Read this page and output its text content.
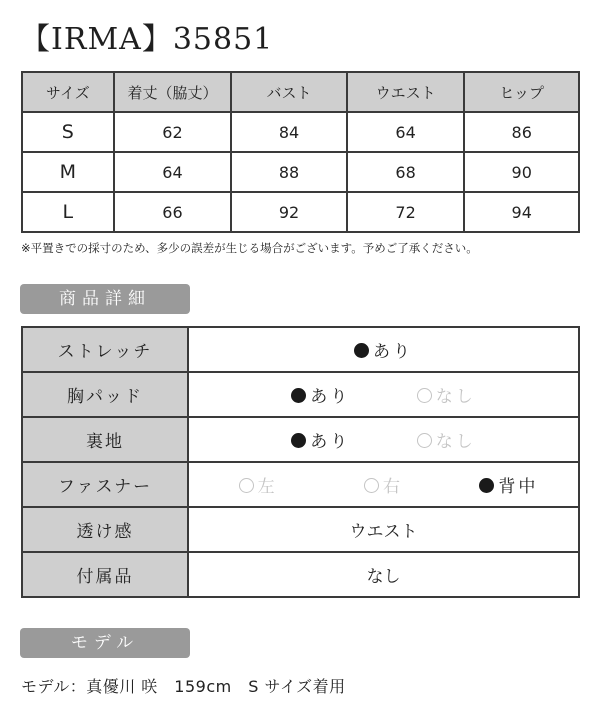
【IRMA】35851
サイズ	着丈（脇丈）	バスト	ウエスト	ヒップ
S	62	84	64	86
M	64	88	68	90
L	66	92	72	94
※平置きでの採寸のため、多少の誤差が生じる場合がございます。予めご了承ください。
商品詳細
ストレッチ	あり
胸パッド	あり なし
裏地	あり なし
ファスナー	左 右 背中
透け感	ウエスト
付属品	なし
モデル
モデル：真優川 咲　159cm　S サイズ着用
